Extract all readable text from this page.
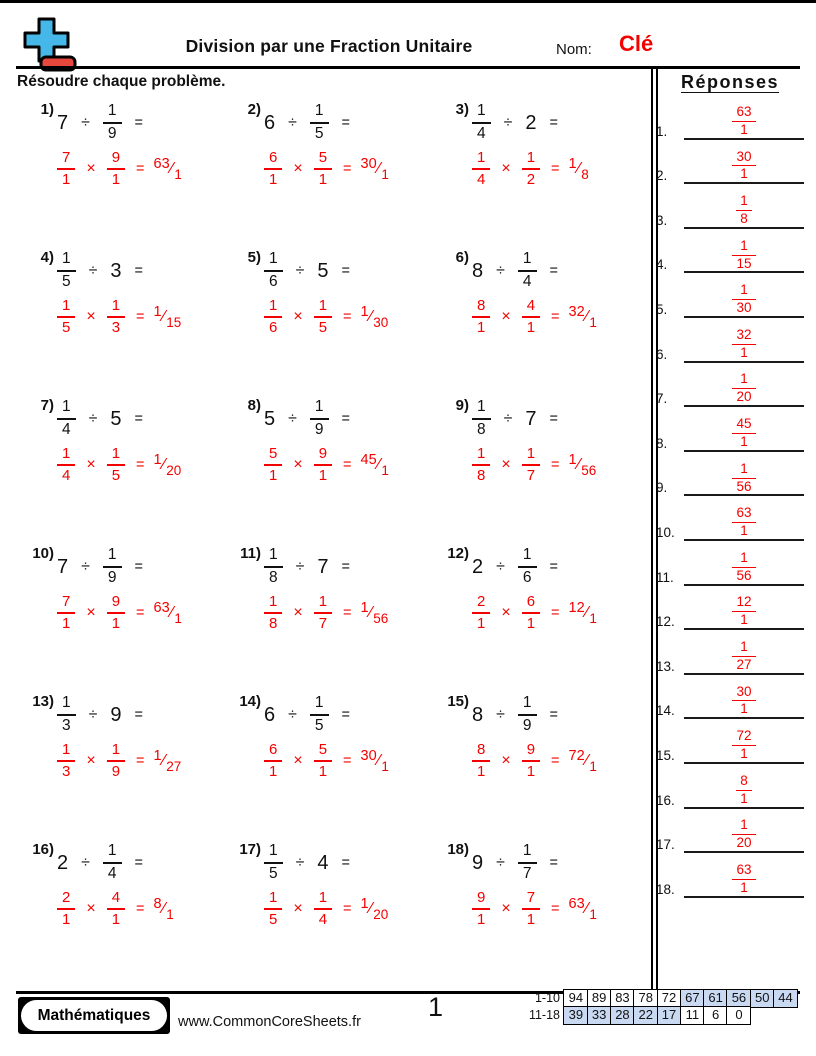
Division par une Fraction Unitaire	Nom: Clé
Résoudre chaque problème.
1)
$7 \div \frac{1}{9}$ =
$\frac{7}{1} \times \frac{9}{1} = 63$ ∕ 1
2)
$6 \div \frac{1}{5}$ =
$\frac{6}{1} \times \frac{5}{1} = 30$ ∕ 1
$3) \frac{1}{4} \div 2$ =
$\frac{1}{4} \times \frac{1}{2} = 1$ ∕ 8
$4) \frac{1}{5} \div 3$ =
$\frac{1}{5} \times \frac{1}{3} = 1$ ∕ 15
$5) \frac{1}{6} \div 5$ =
$\frac{1}{6} \times \frac{1}{5} = 1$ ∕ 30
6)
$8 \div \frac{1}{4}$ =
$\frac{8}{1} \times \frac{4}{1} = 32$ ∕ 1
$7) \frac{1}{4} \div 5$ =
$\frac{1}{4} \times \frac{1}{5} = 1$ ∕ 20
8)
$5 \div \frac{1}{9}$ =
$\frac{5}{1} \times \frac{9}{1} = 45$ ∕ 1
$9) \frac{1}{8} \div 7$ =
$\frac{1}{8} \times \frac{1}{7} = 1$ ∕ 56
10)
$7 \div \frac{1}{9}$ =
$\frac{7}{1} \times \frac{9}{1} = 63$ ∕ 1
$11) \frac{1}{8} \div 7$ =
$\frac{1}{8} \times \frac{1}{7} = 1$ ∕ 56
12)
$2 \div \frac{1}{6}$ =
$\frac{2}{1} \times \frac{6}{1} = 12$ ∕ 1
$13) \frac{1}{3} \div 9$ =
$\frac{1}{3} \times \frac{1}{9} = 1$ ∕ 27
14)
$6 \div \frac{1}{5}$ =
$\frac{6}{1} \times \frac{5}{1} = 30$ ∕ 1
15)
$8 \div \frac{1}{9}$ =
$\frac{8}{1} \times \frac{9}{1} = 72$ ∕ 1
16)
$2 \div \frac{1}{4}$ =
$\frac{2}{1} \times \frac{4}{1} = 8$ ∕ 1
$17) \frac{1}{5} \div 4$ =
$\frac{1}{5} \times \frac{1}{4} = 1$ ∕ 20
18)
$9 \div \frac{1}{7}$ =
$\frac{9}{1} \times \frac{7}{1} = 63$ ∕ 1
Réponses
1.	$\frac{63}{1}$
2.	$\frac{30}{1}$
3.	$\frac{1}{8}$
4.	$\frac{1}{15}$
5.	$\frac{1}{30}$
6.	$\frac{32}{1}$
7.	$\frac{1}{20}$
8.	$\frac{45}{1}$
9.	$\frac{1}{56}$
10.	$\frac{63}{1}$
11.	$\frac{1}{56}$
12.	$\frac{12}{1}$
13.	$\frac{1}{27}$
14.	$\frac{30}{1}$
15.	$\frac{72}{1}$
16.	$\frac{8}{1}$
17.	$\frac{1}{20}$
18.	$\frac{63}{1}$
Mathématiques	www.CommonCoreSheets.fr 1	1-10 94 89 83 78 72 67 61 56 50 44
11-18 39 33 28 22 17 11 6	0
